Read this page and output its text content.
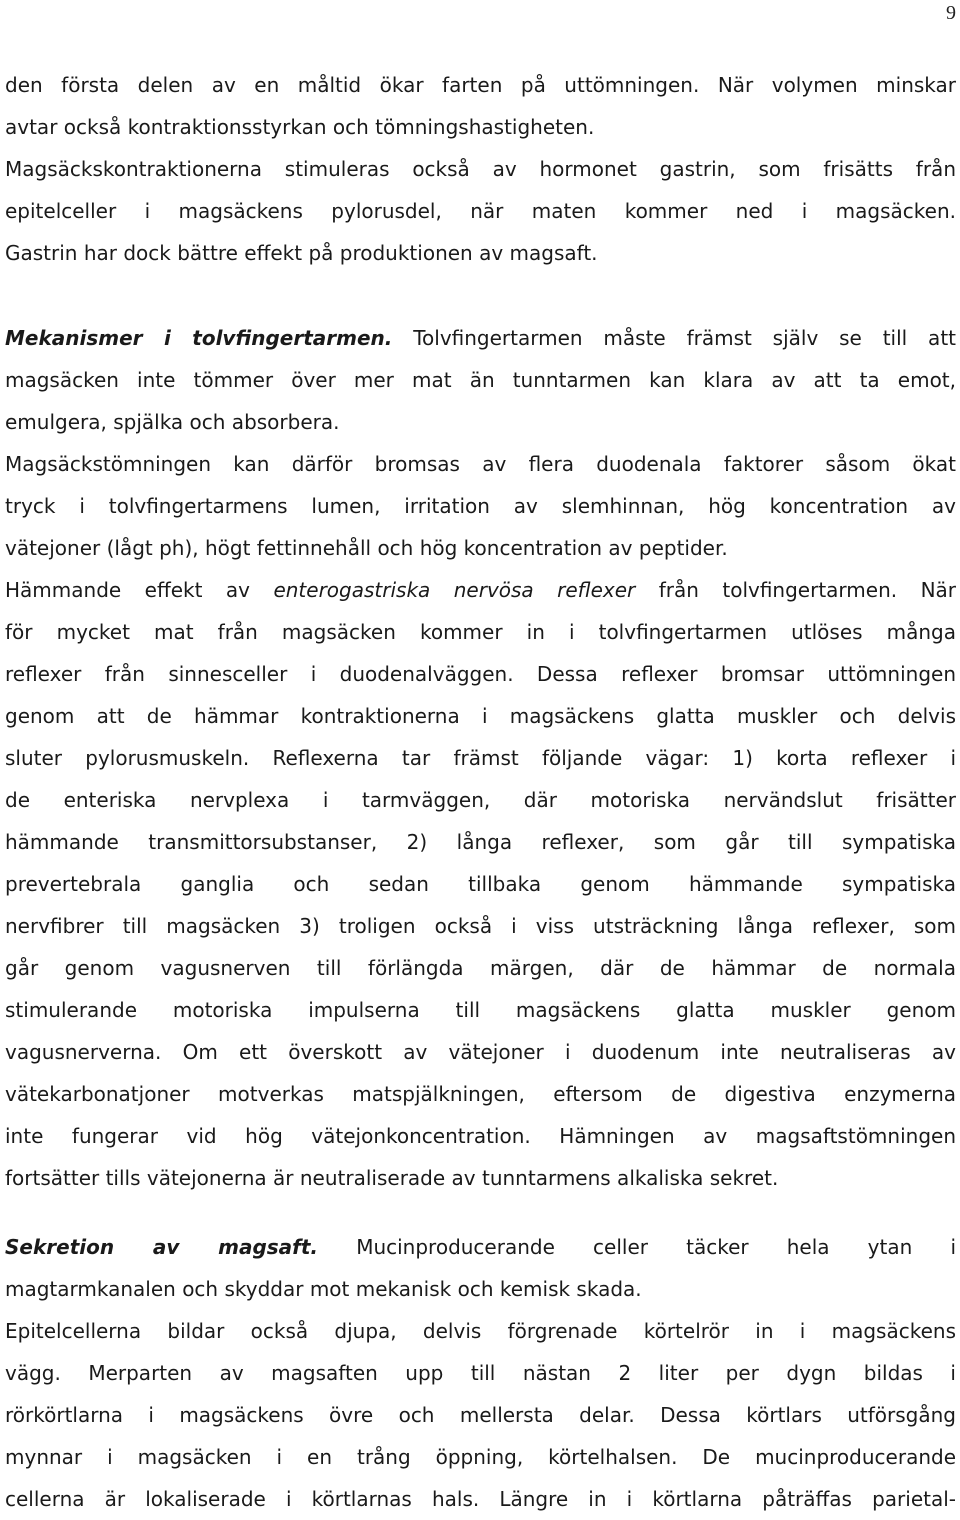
9
den första delen av en måltid ökar farten på uttömningen. När volymen minskar
avtar också kontraktionsstyrkan och tömningshastigheten.
Magsäckskontraktionerna stimuleras också av hormonet gastrin, som frisätts från
epitelceller i magsäckens pylorusdel, när maten kommer ned i magsäcken.
Gastrin har dock bättre effekt på produktionen av magsaft.
Mekanismer i tolvfingertarmen. Tolvfingertarmen måste främst själv se till att
magsäcken inte tömmer över mer mat än tunntarmen kan klara av att ta emot,
emulgera, spjälka och absorbera.
Magsäckstömningen kan därför bromsas av flera duodenala faktorer såsom ökat
tryck i tolvfingertarmens lumen, irritation av slemhinnan, hög koncentration av
vätejoner (lågt ph), högt fettinnehåll och hög koncentration av peptider.
Hämmande effekt av enterogastriska nervösa reflexer från tolvfingertarmen. När
för mycket mat från magsäcken kommer in i tolvfingertarmen utlöses många
reflexer från sinnesceller i duodenalväggen. Dessa reflexer bromsar uttömningen
genom att de hämmar kontraktionerna i magsäckens glatta muskler och delvis
sluter pylorusmuskeln. Reflexerna tar främst följande vägar: 1) korta reflexer i
de enteriska nervplexa i tarmväggen, där motoriska nervändslut frisätter
hämmande transmittorsubstanser, 2) långa reflexer, som går till sympatiska
prevertebrala ganglia och sedan tillbaka genom hämmande sympatiska
nervfibrer till magsäcken 3) troligen också i viss utsträckning långa reflexer, som
går genom vagusnerven till förlängda märgen, där de hämmar de normala
stimulerande motoriska impulserna till magsäckens glatta muskler genom
vagusnerverna. Om ett överskott av vätejoner i duodenum inte neutraliseras av
vätekarbonatjoner motverkas matspjälkningen, eftersom de digestiva enzymerna
inte fungerar vid hög vätejonkoncentration. Hämningen av magsaftstömningen
fortsätter tills vätejonerna är neutraliserade av tunntarmens alkaliska sekret.
Sekretion av magsaft. Mucinproducerande celler täcker hela ytan i
magtarmkanalen och skyddar mot mekanisk och kemisk skada.
Epitelcellerna bildar också djupa, delvis förgrenade körtelrör in i magsäckens
vägg. Merparten av magsaften upp till nästan 2 liter per dygn bildas i
rörkörtlarna i magsäckens övre och mellersta delar. Dessa körtlars utförsgång
mynnar i magsäcken i en trång öppning, körtelhalsen. De mucinproducerande
cellerna är lokaliserade i körtlarnas hals. Längre in i körtlarna påträffas parietal-
